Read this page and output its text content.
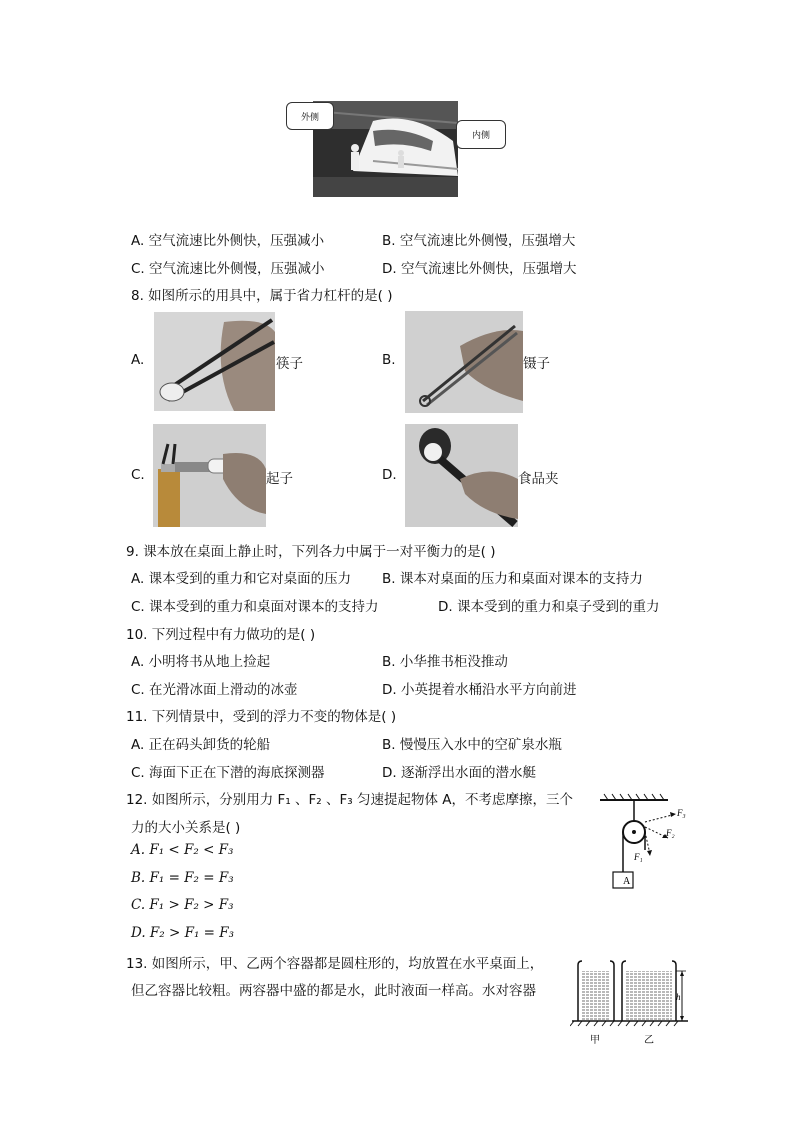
外侧
内侧
A. 空气流速比外侧快，压强减小	B. 空气流速比外侧慢，压强增大
C. 空气流速比外侧慢，压强减小	D. 空气流速比外侧快，压强增大
8. 如图所示的用具中，属于省力杠杆的是( )
A.	筷子	B.	镊子
C.	起子	D.	食品夹
9. 课本放在桌面上静止时，下列各力中属于一对平衡力的是( )
A. 课本受到的重力和它对桌面的压力 B. 课本对桌面的压力和桌面对课本的支持力
C. 课本受到的重力和桌面对课本的支持力	D. 课本受到的重力和桌子受到的重力
10. 下列过程中有力做功的是( )
A. 小明将书从地上捡起	B. 小华推书柜没推动
C. 在光滑冰面上滑动的冰壶	D. 小英提着水桶沿水平方向前进
11. 下列情景中，受到的浮力不变的物体是( )
A. 正在码头卸货的轮船	B. 慢慢压入水中的空矿泉水瓶
C. 海面下正在下潜的海底探测器	D. 逐渐浮出水面的潜水艇
12. 如图所示，分别用力 F₁ 、F₂ 、F₃ 匀速提起物体 A，不考虑摩擦，三个
力的大小关系是( )
A. F₁ < F₂ < F₃
B. F₁ = F₂ = F₃
C. F₁ > F₂ > F₃
D. F₂ > F₁ = F₃
A
F₃
F₂
F₁
13. 如图所示，甲、乙两个容器都是圆柱形的，均放置在水平桌面上，
但乙容器比较粗。两容器中盛的都是水，此时液面一样高。水对容器	h
甲	乙
